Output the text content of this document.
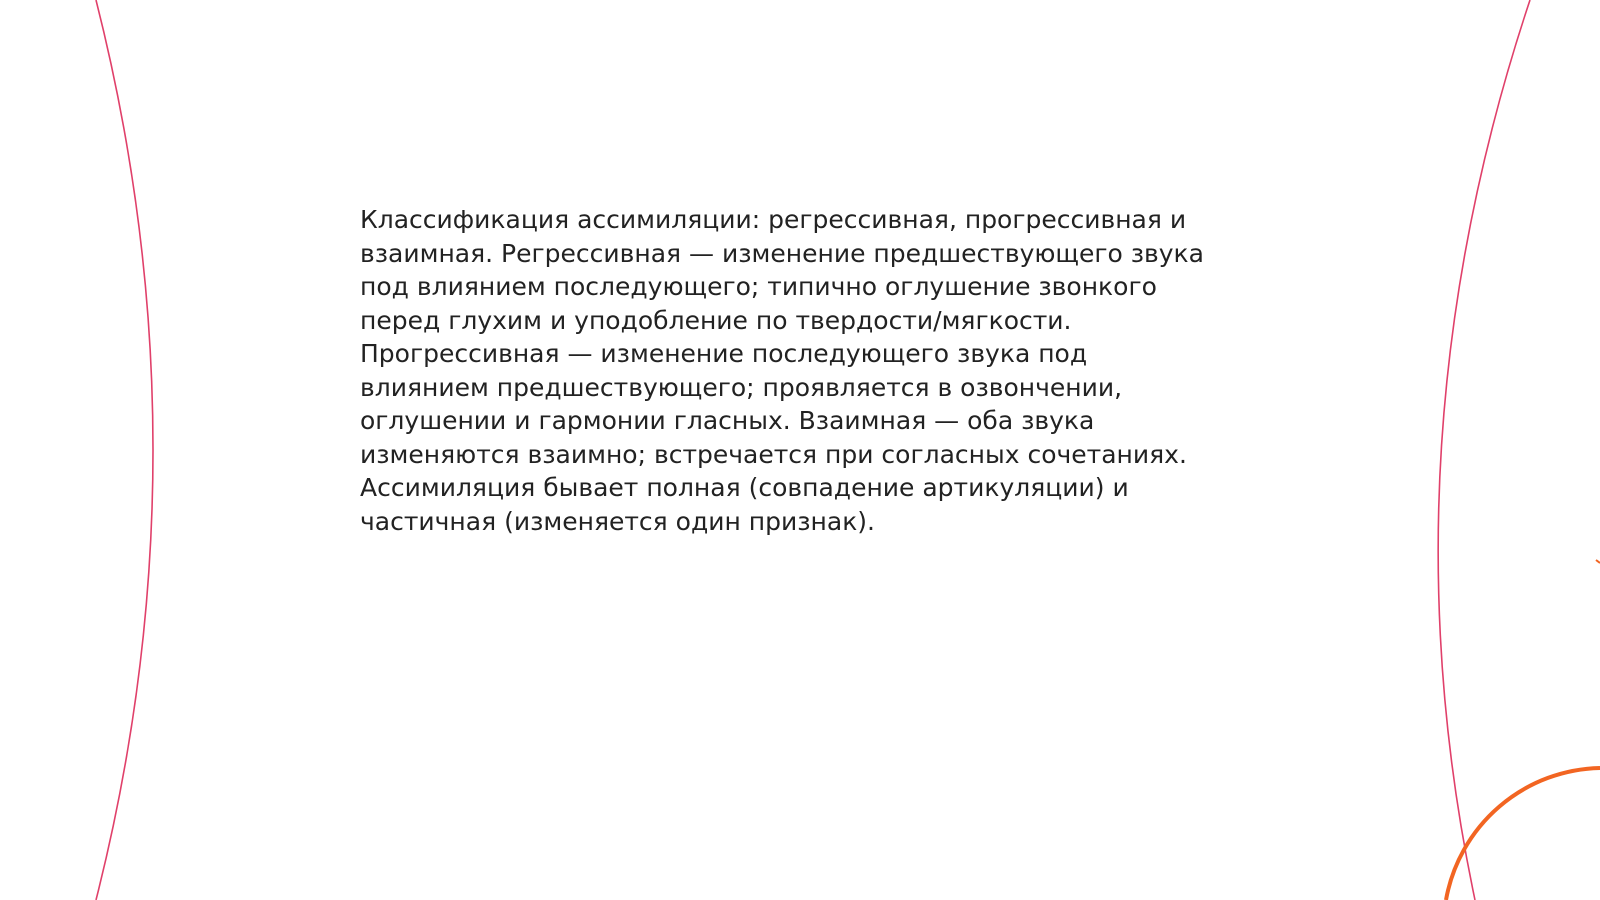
Классификация ассимиляции: регрессивная, прогрессивная и
взаимная. Регрессивная — изменение предшествующего звука
под влиянием последующего; типично оглушение звонкого
перед глухим и уподобление по твердости/мягкости.
Прогрессивная — изменение последующего звука под
влиянием предшествующего; проявляется в озвончении,
оглушении и гармонии гласных. Взаимная — оба звука
изменяются взаимно; встречается при согласных сочетаниях.
Ассимиляция бывает полная (совпадение артикуляции) и
частичная (изменяется один признак).
